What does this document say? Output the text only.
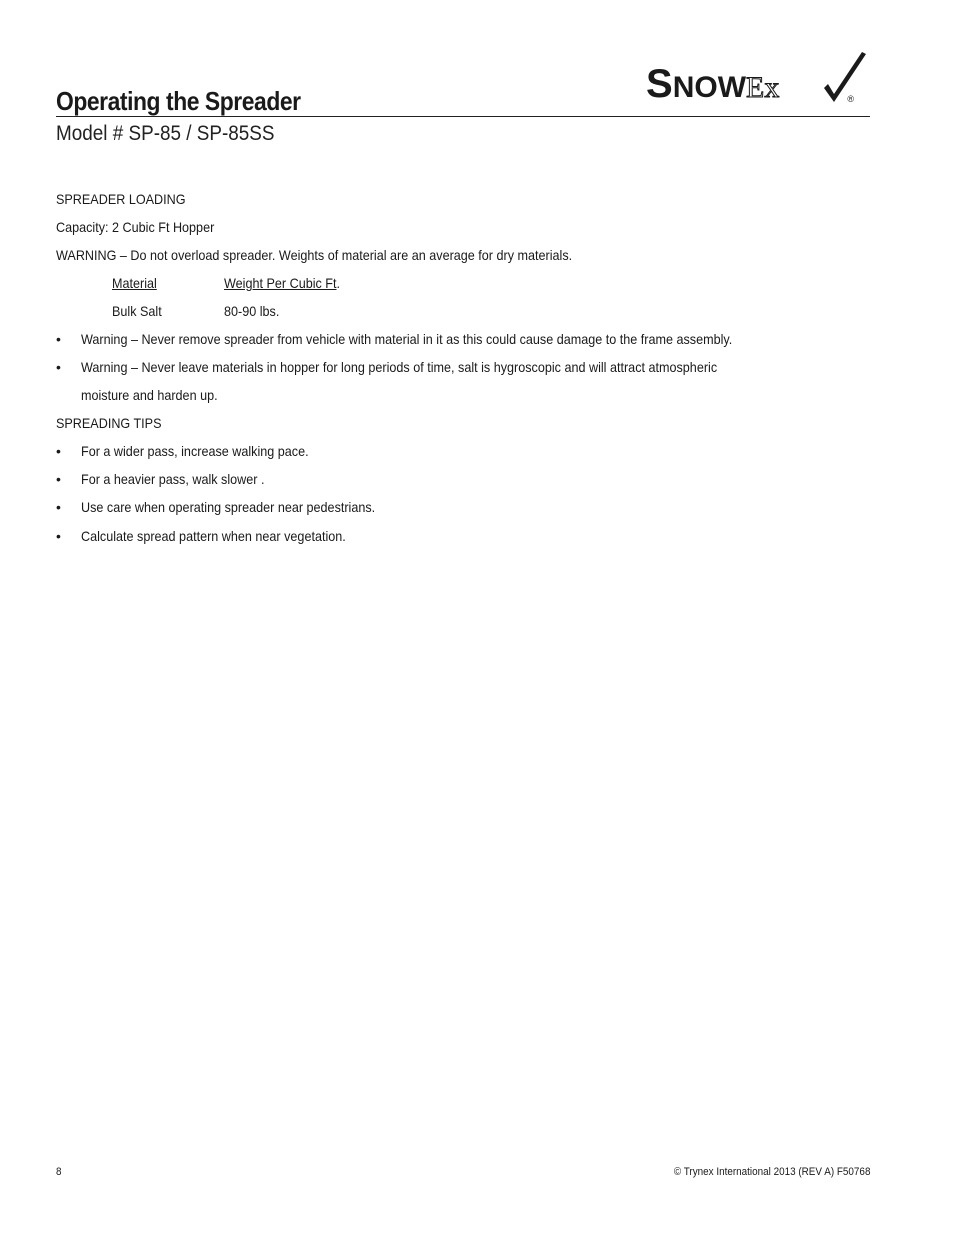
Operating the Spreader	SNOWEx	®
Model # SP-85 / SP-85SS
SPREADER LOADING
Capacity: 2 Cubic Ft Hopper
WARNING – Do not overload spreader. Weights of material are an average for dry materials.
Material	Weight Per Cubic Ft.
Bulk Salt	80-90 lbs.
• Warning – Never remove spreader from vehicle with material in it as this could cause damage to the frame assembly.
• Warning – Never leave materials in hopper for long periods of time, salt is hygroscopic and will attract atmospheric
moisture and harden up.
SPREADING TIPS
• For a wider pass, increase walking pace.
• For a heavier pass, walk slower .
• Use care when operating spreader near pedestrians.
• Calculate spread pattern when near vegetation.
8	© Trynex International 2013 (REV A) F50768
